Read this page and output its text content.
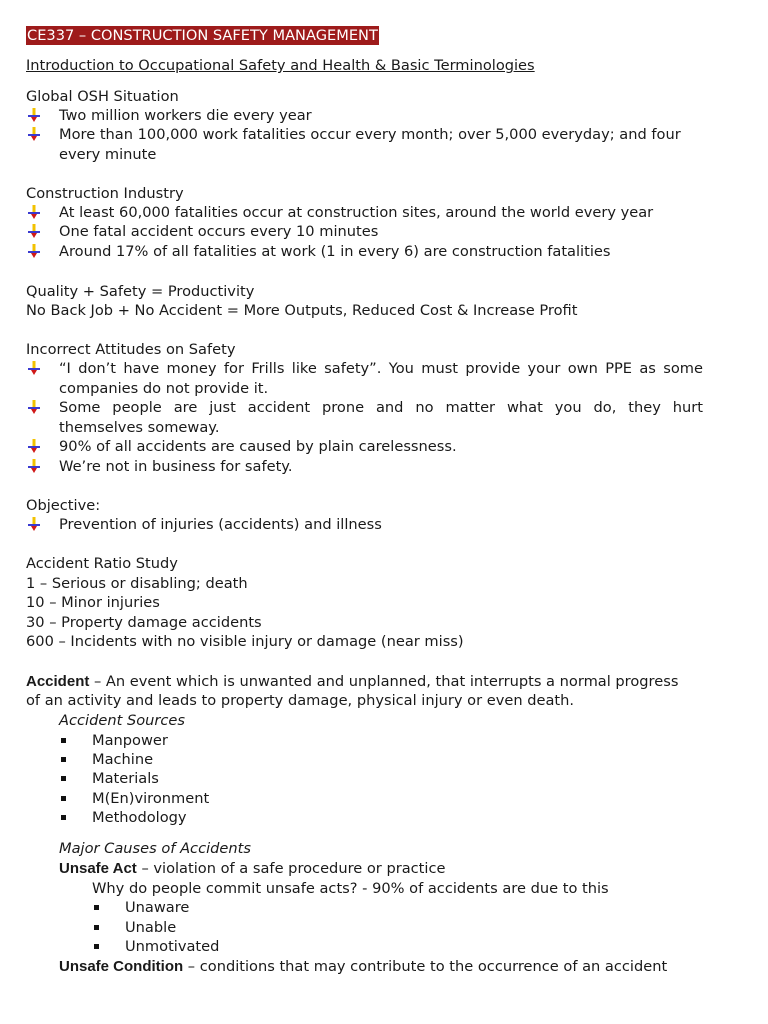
CE337 – CONSTRUCTION SAFETY MANAGEMENT
Introduction to Occupational Safety and Health & Basic Terminologies
Global OSH Situation
Two million workers die every year
More than 100,000 work fatalities occur every month; over 5,000 everyday; and four
every minute
Construction Industry
At least 60,000 fatalities occur at construction sites, around the world every year
One fatal accident occurs every 10 minutes
Around 17% of all fatalities at work (1 in every 6) are construction fatalities
Quality + Safety = Productivity
No Back Job + No Accident = More Outputs, Reduced Cost & Increase Profit
Incorrect Attitudes on Safety
“I don’t have money for Frills like safety”. You must provide your own PPE as some
companies do not provide it.
Some people are just accident prone and no matter what you do, they hurt
themselves someway.
90% of all accidents are caused by plain carelessness.
We’re not in business for safety.
Objective:
Prevention of injuries (accidents) and illness
Accident Ratio Study
1 – Serious or disabling; death
10 – Minor injuries
30 – Property damage accidents
600 – Incidents with no visible injury or damage (near miss)
Accident – An event which is unwanted and unplanned, that interrupts a normal progress
of an activity and leads to property damage, physical injury or even death.
Accident Sources
Manpower
Machine
Materials
M(En)vironment
Methodology
Major Causes of Accidents
Unsafe Act – violation of a safe procedure or practice
Why do people commit unsafe acts? - 90% of accidents are due to this
Unaware
Unable
Unmotivated
Unsafe Condition – conditions that may contribute to the occurrence of an accident
